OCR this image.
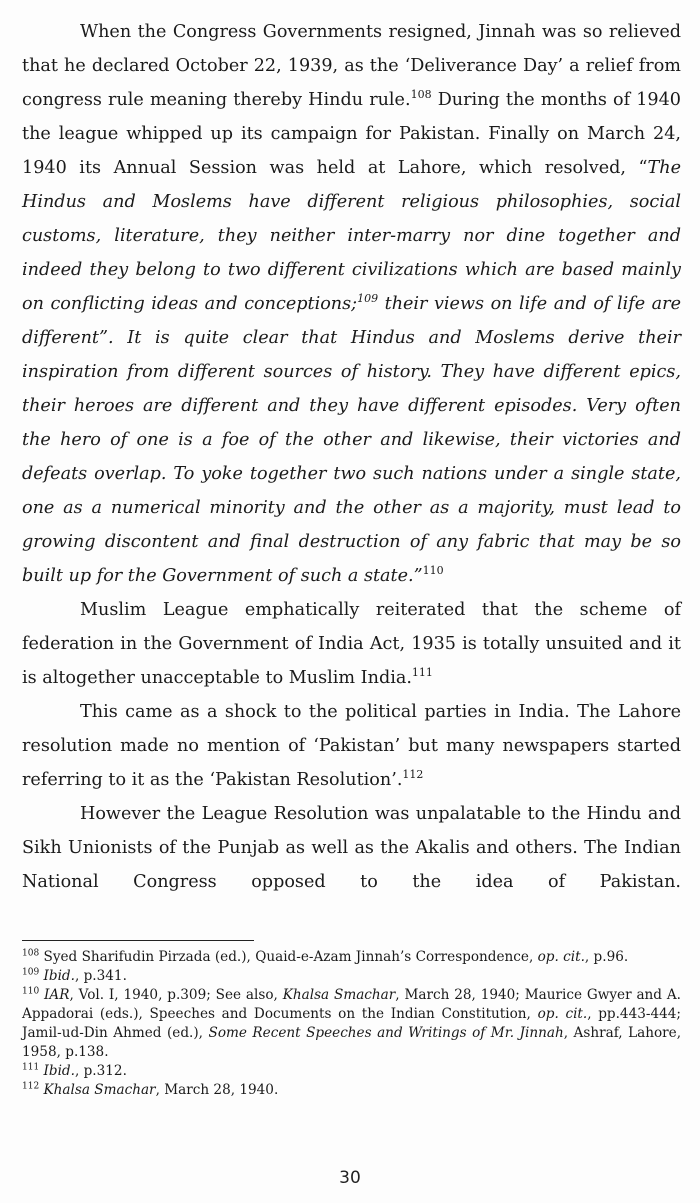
When the Congress Governments resigned, Jinnah was so relieved that he declared October 22, 1939, as the ‘Deliverance Day’ a relief from congress rule meaning thereby Hindu rule.$^{108}$ During the months of 1940 the league whipped up its campaign for Pakistan. Finally on March 24, 1940 its Annual Session was held at Lahore, which resolved, “The Hindus and Moslems have different religious philosophies, social customs, literature, they neither inter-marry nor dine together and indeed they belong to two different civilizations which are based mainly on conflicting ideas and conceptions;$^{109}$ their views on life and of life are different”. It is quite clear that Hindus and Moslems derive their inspiration from different sources of history. They have different epics, their heroes are different and they have different episodes. Very often the hero of one is a foe of the other and likewise, their victories and defeats overlap. To yoke together two such nations under a single state, one as a numerical minority and the other as a majority, must lead to growing discontent and final destruction of any fabric that may be so built up for the Government of such a state.”$^{110}$

Muslim League emphatically reiterated that the scheme of federation in the Government of India Act, 1935 is totally unsuited and it is altogether unacceptable to Muslim India.$^{111}$

This came as a shock to the political parties in India. The Lahore resolution made no mention of ‘Pakistan’ but many newspapers started referring to it as the ‘Pakistan Resolution’.$^{112}$

However the League Resolution was unpalatable to the Hindu and Sikh Unionists of the Punjab as well as the Akalis and others. The Indian National Congress opposed to the idea of Pakistan.

$^{108}$ Syed Sharifudin Pirzada (ed.), Quaid-e-Azam Jinnah’s Correspondence, op. cit., p.96.

$^{109}$ Ibid., p.341.

$^{110}$ IAR, Vol. I, 1940, p.309; See also, Khalsa Smachar, March 28, 1940; Maurice Gwyer and A. Appadorai (eds.), Speeches and Documents on the Indian Constitution, op. cit., pp.443-444; Jamil-ud-Din Ahmed (ed.), Some Recent Speeches and Writings of Mr. Jinnah, Ashraf, Lahore, 1958, p.138.

$^{111}$ Ibid., p.312.

$^{112}$ Khalsa Smachar, March 28, 1940.

30
